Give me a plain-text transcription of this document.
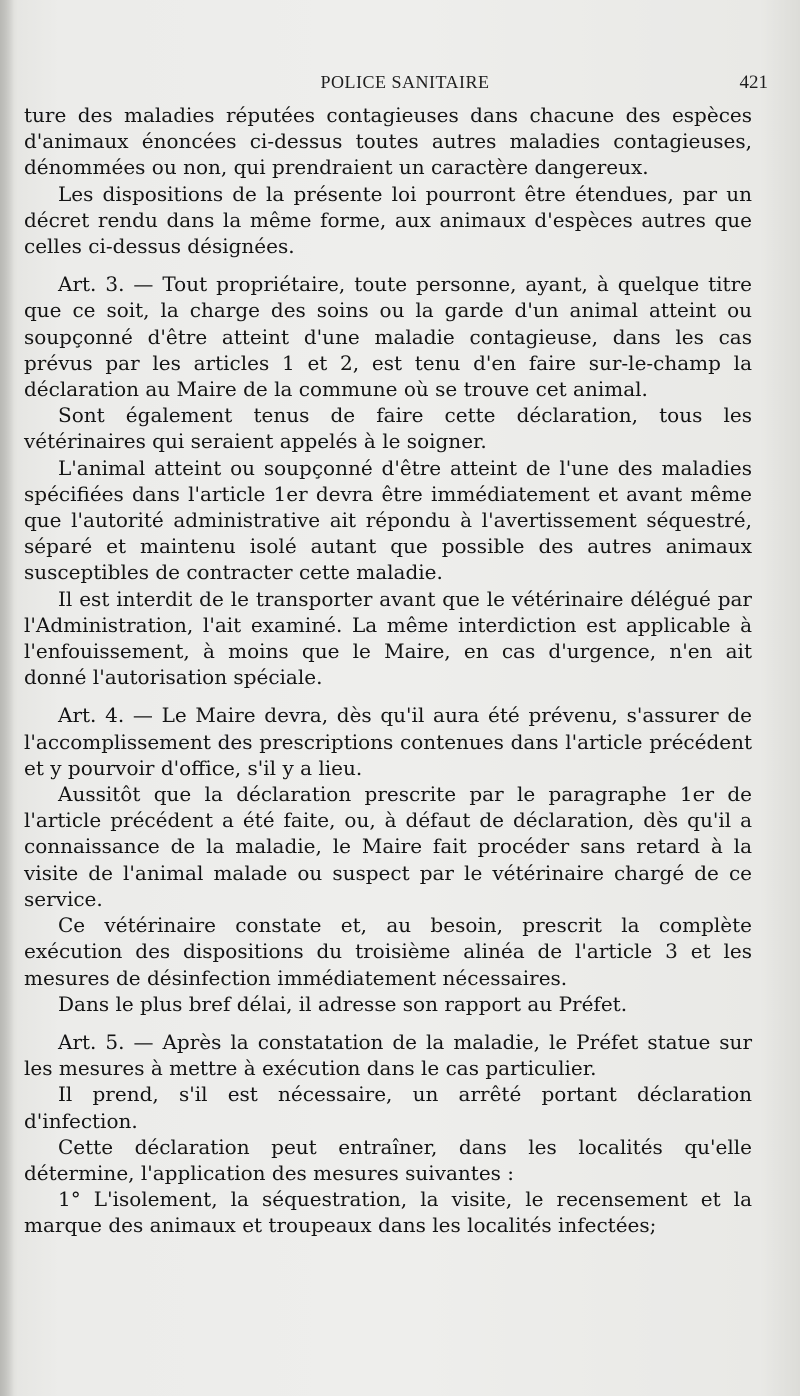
POLICE SANITAIRE	421

ture des maladies réputées contagieuses dans chacune des espèces d'animaux énoncées ci-dessus toutes autres maladies contagieuses, dénommées ou non, qui prendraient un caractère dangereux.

Les dispositions de la présente loi pourront être étendues, par un décret rendu dans la même forme, aux animaux d'espèces autres que celles ci-dessus désignées.

Art. 3. — Tout propriétaire, toute personne, ayant, à quelque titre que ce soit, la charge des soins ou la garde d'un animal atteint ou soupçonné d'être atteint d'une maladie contagieuse, dans les cas prévus par les articles 1 et 2, est tenu d'en faire sur-le-champ la déclaration au Maire de la commune où se trouve cet animal.

Sont également tenus de faire cette déclaration, tous les vétérinaires qui seraient appelés à le soigner.

L'animal atteint ou soupçonné d'être atteint de l'une des maladies spécifiées dans l'article 1er devra être immédiatement et avant même que l'autorité administrative ait répondu à l'avertissement séquestré, séparé et maintenu isolé autant que possible des autres animaux susceptibles de contracter cette maladie.

Il est interdit de le transporter avant que le vétérinaire délégué par l'Administration, l'ait examiné. La même interdiction est applicable à l'enfouissement, à moins que le Maire, en cas d'urgence, n'en ait donné l'autorisation spéciale.

Art. 4. — Le Maire devra, dès qu'il aura été prévenu, s'assurer de l'accomplissement des prescriptions contenues dans l'article précédent et y pourvoir d'office, s'il y a lieu.

Aussitôt que la déclaration prescrite par le paragraphe 1er de l'article précédent a été faite, ou, à défaut de déclaration, dès qu'il a connaissance de la maladie, le Maire fait procéder sans retard à la visite de l'animal malade ou suspect par le vétérinaire chargé de ce service.

Ce vétérinaire constate et, au besoin, prescrit la complète exécution des dispositions du troisième alinéa de l'article 3 et les mesures de désinfection immédiatement nécessaires.

Dans le plus bref délai, il adresse son rapport au Préfet.

Art. 5. — Après la constatation de la maladie, le Préfet statue sur les mesures à mettre à exécution dans le cas particulier.

Il prend, s'il est nécessaire, un arrêté portant déclaration d'infection.

Cette déclaration peut entraîner, dans les localités qu'elle détermine, l'application des mesures suivantes :

1° L'isolement, la séquestration, la visite, le recensement et la marque des animaux et troupeaux dans les localités infectées;
